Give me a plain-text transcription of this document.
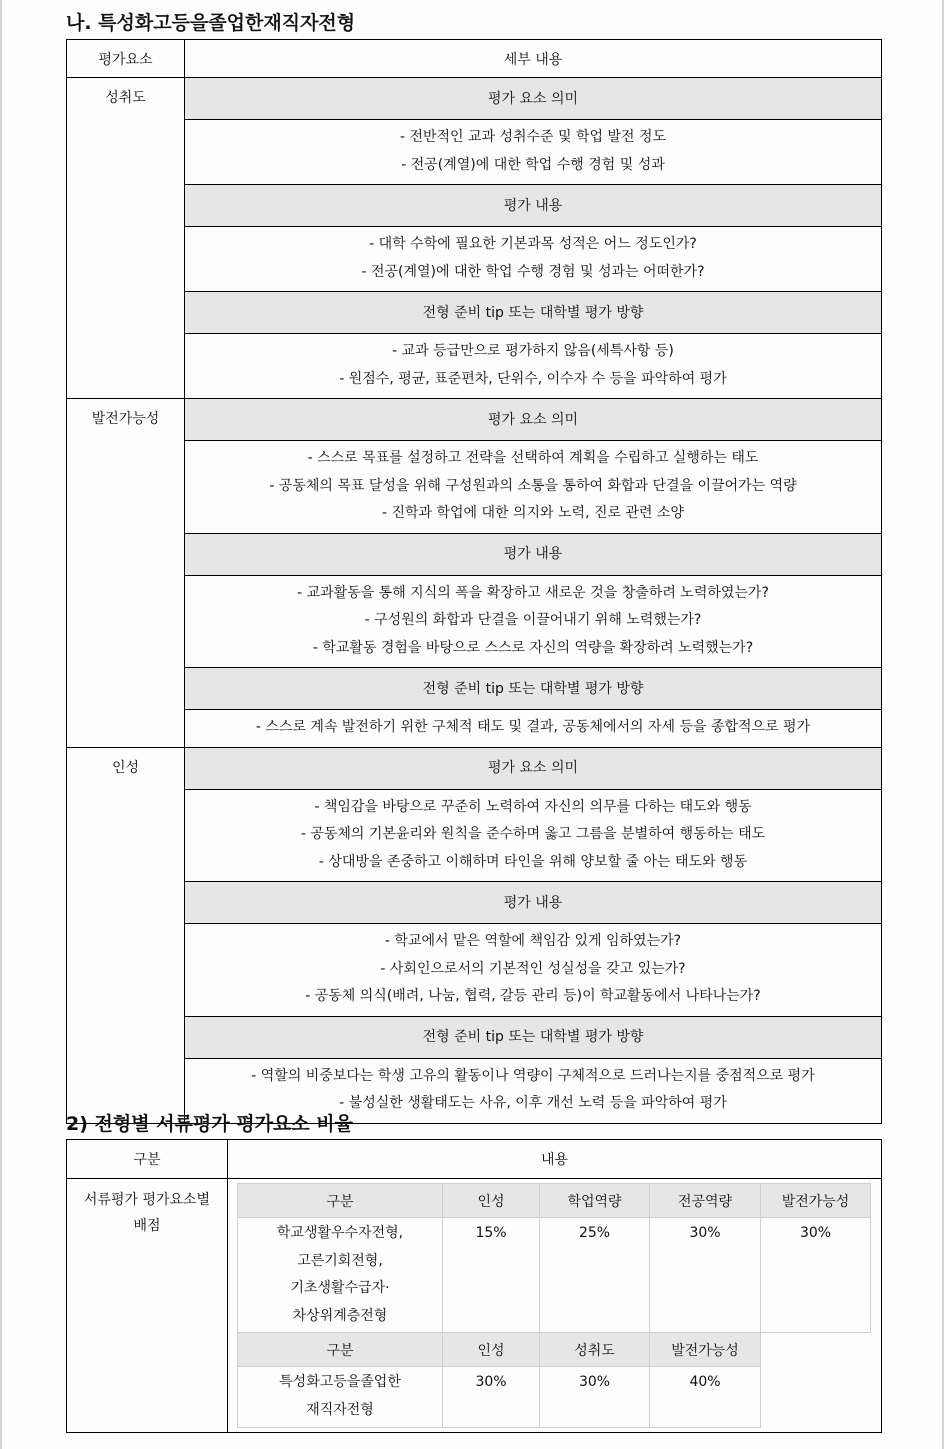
나. 특성화고등을졸업한재직자전형
평가요소	세부 내용
성취도	평가 요소 의미

	- 전반적인 교과 성취수준 및 학업 발전 정도
- 전공(계열)에 대한 학업 수행 경험 및 성과

	평가 내용

	- 대학 수학에 필요한 기본과목 성적은 어느 정도인가?
- 전공(계열)에 대한 학업 수행 경험 및 성과는 어떠한가?

	전형 준비 tip 또는 대학별 평가 방향

	- 교과 등급만으로 평가하지 않음(세특사항 등)
- 원점수, 평균, 표준편차, 단위수, 이수자 수 등을 파악하여 평가

발전가능성	평가 요소 의미

	- 스스로 목표를 설정하고 전략을 선택하여 계획을 수립하고 실행하는 태도
- 공동체의 목표 달성을 위해 구성원과의 소통을 통하여 화합과 단결을 이끌어가는 역량
- 진학과 학업에 대한 의지와 노력, 진로 관련 소양

	평가 내용

	- 교과활동을 통해 지식의 폭을 확장하고 새로운 것을 창출하려 노력하였는가?
- 구성원의 화합과 단결을 이끌어내기 위해 노력했는가?
- 학교활동 경험을 바탕으로 스스로 자신의 역량을 확장하려 노력했는가?

	전형 준비 tip 또는 대학별 평가 방향

	- 스스로 계속 발전하기 위한 구체적 태도 및 결과, 공동체에서의 자세 등을 종합적으로 평가

인성	평가 요소 의미

	- 책임감을 바탕으로 꾸준히 노력하여 자신의 의무를 다하는 태도와 행동
- 공동체의 기본윤리와 원칙을 준수하며 옳고 그름을 분별하여 행동하는 태도
- 상대방을 존중하고 이해하며 타인을 위해 양보할 줄 아는 태도와 행동

	평가 내용

	- 학교에서 맡은 역할에 책임감 있게 임하였는가?
- 사회인으로서의 기본적인 성실성을 갖고 있는가?
- 공동체 의식(배려, 나눔, 협력, 갈등 관리 등)이 학교활동에서 나타나는가?

	전형 준비 tip 또는 대학별 평가 방향

	- 역할의 비중보다는 학생 고유의 활동이나 역량이 구체적으로 드러나는지를 중점적으로 평가
- 불성실한 생활태도는 사유, 이후 개선 노력 등을 파악하여 평가
2) 전형별 서류평가 평가요소 비율
구분	내용

서류평가 평가요소별
배점

구분	인성	학업역량	전공역량	발전가능성

학교생활우수자전형,
고른기회전형,
기초생활수급자·
차상위계층전형
	15%	25%	30%	30%
구분	인성	성취도	발전가능성	

특성화고등을졸업한
재직자전형
	30%	30%	40%
